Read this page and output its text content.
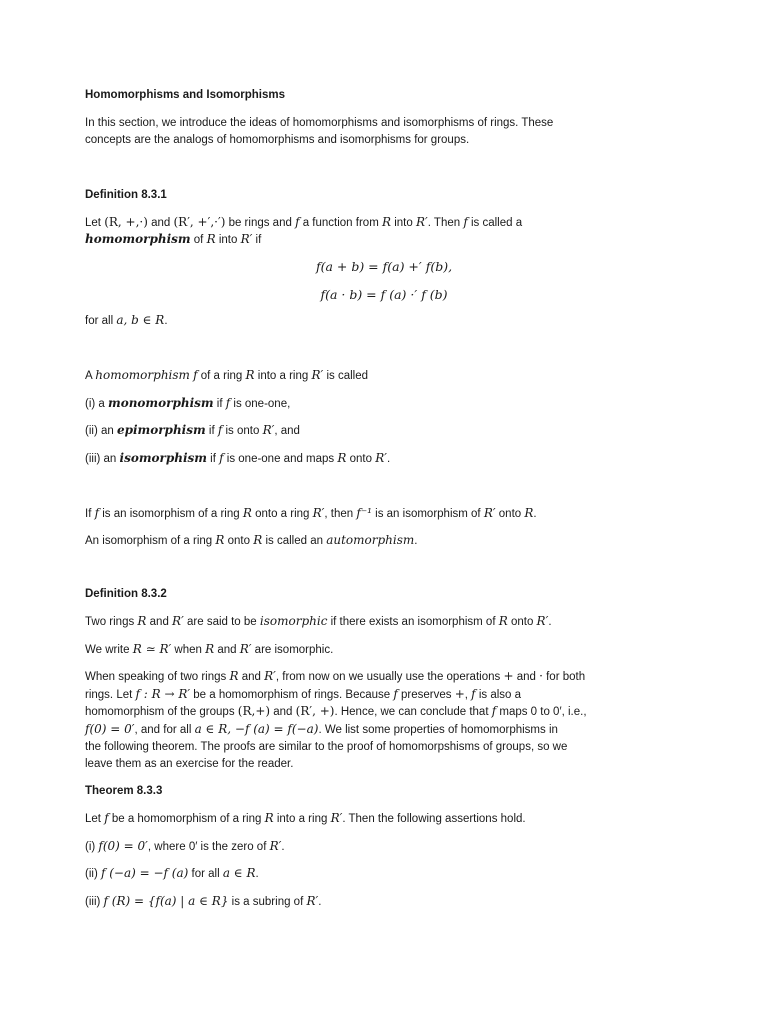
Homomorphisms and Isomorphisms
In this section, we introduce the ideas of homomorphisms and isomorphisms of rings. These
concepts are the analogs of homomorphisms and isomorphisms for groups.
Definition 8.3.1
Let (R, +,·) and (R′, +′,·′) be rings and f a function from R into R′. Then f is called a
homomorphism of R into R′ if
f(a + b) = f(a) +′ f(b),
f(a · b) = f (a) ·′ f (b)
for all a, b ∈ R.
A homomorphism f of a ring R into a ring R′ is called
(i) a monomorphism if f is one-one,
(ii) an epimorphism if f is onto R′, and
(iii) an isomorphism if f is one-one and maps R onto R′.
If f is an isomorphism of a ring R onto a ring R′, then f⁻¹ is an isomorphism of R′ onto R.
An isomorphism of a ring R onto R is called an automorphism.
Definition 8.3.2
Two rings R and R′ are said to be isomorphic if there exists an isomorphism of R onto R′.
We write R ≃ R′ when R and R′ are isomorphic.
When speaking of two rings R and R′, from now on we usually use the operations + and · for both
rings. Let f : R → R′ be a homomorphism of rings. Because f preserves +, f is also a
homomorphism of the groups (R,+) and (R′, +). Hence, we can conclude that f maps 0 to 0′, i.e.,
f(0) = 0′, and for all a ∈ R, −f (a) = f(−a). We list some properties of homomorphisms in
the following theorem. The proofs are similar to the proof of homomorpshisms of groups, so we
leave them as an exercise for the reader.
Theorem 8.3.3
Let f be a homomorphism of a ring R into a ring R′. Then the following assertions hold.
(i) f(0) = 0′, where 0′ is the zero of R′.
(ii) f (−a) = −f (a) for all a ∈ R.
(iii) f (R) = {f(a) | a ∈ R} is a subring of R′.
